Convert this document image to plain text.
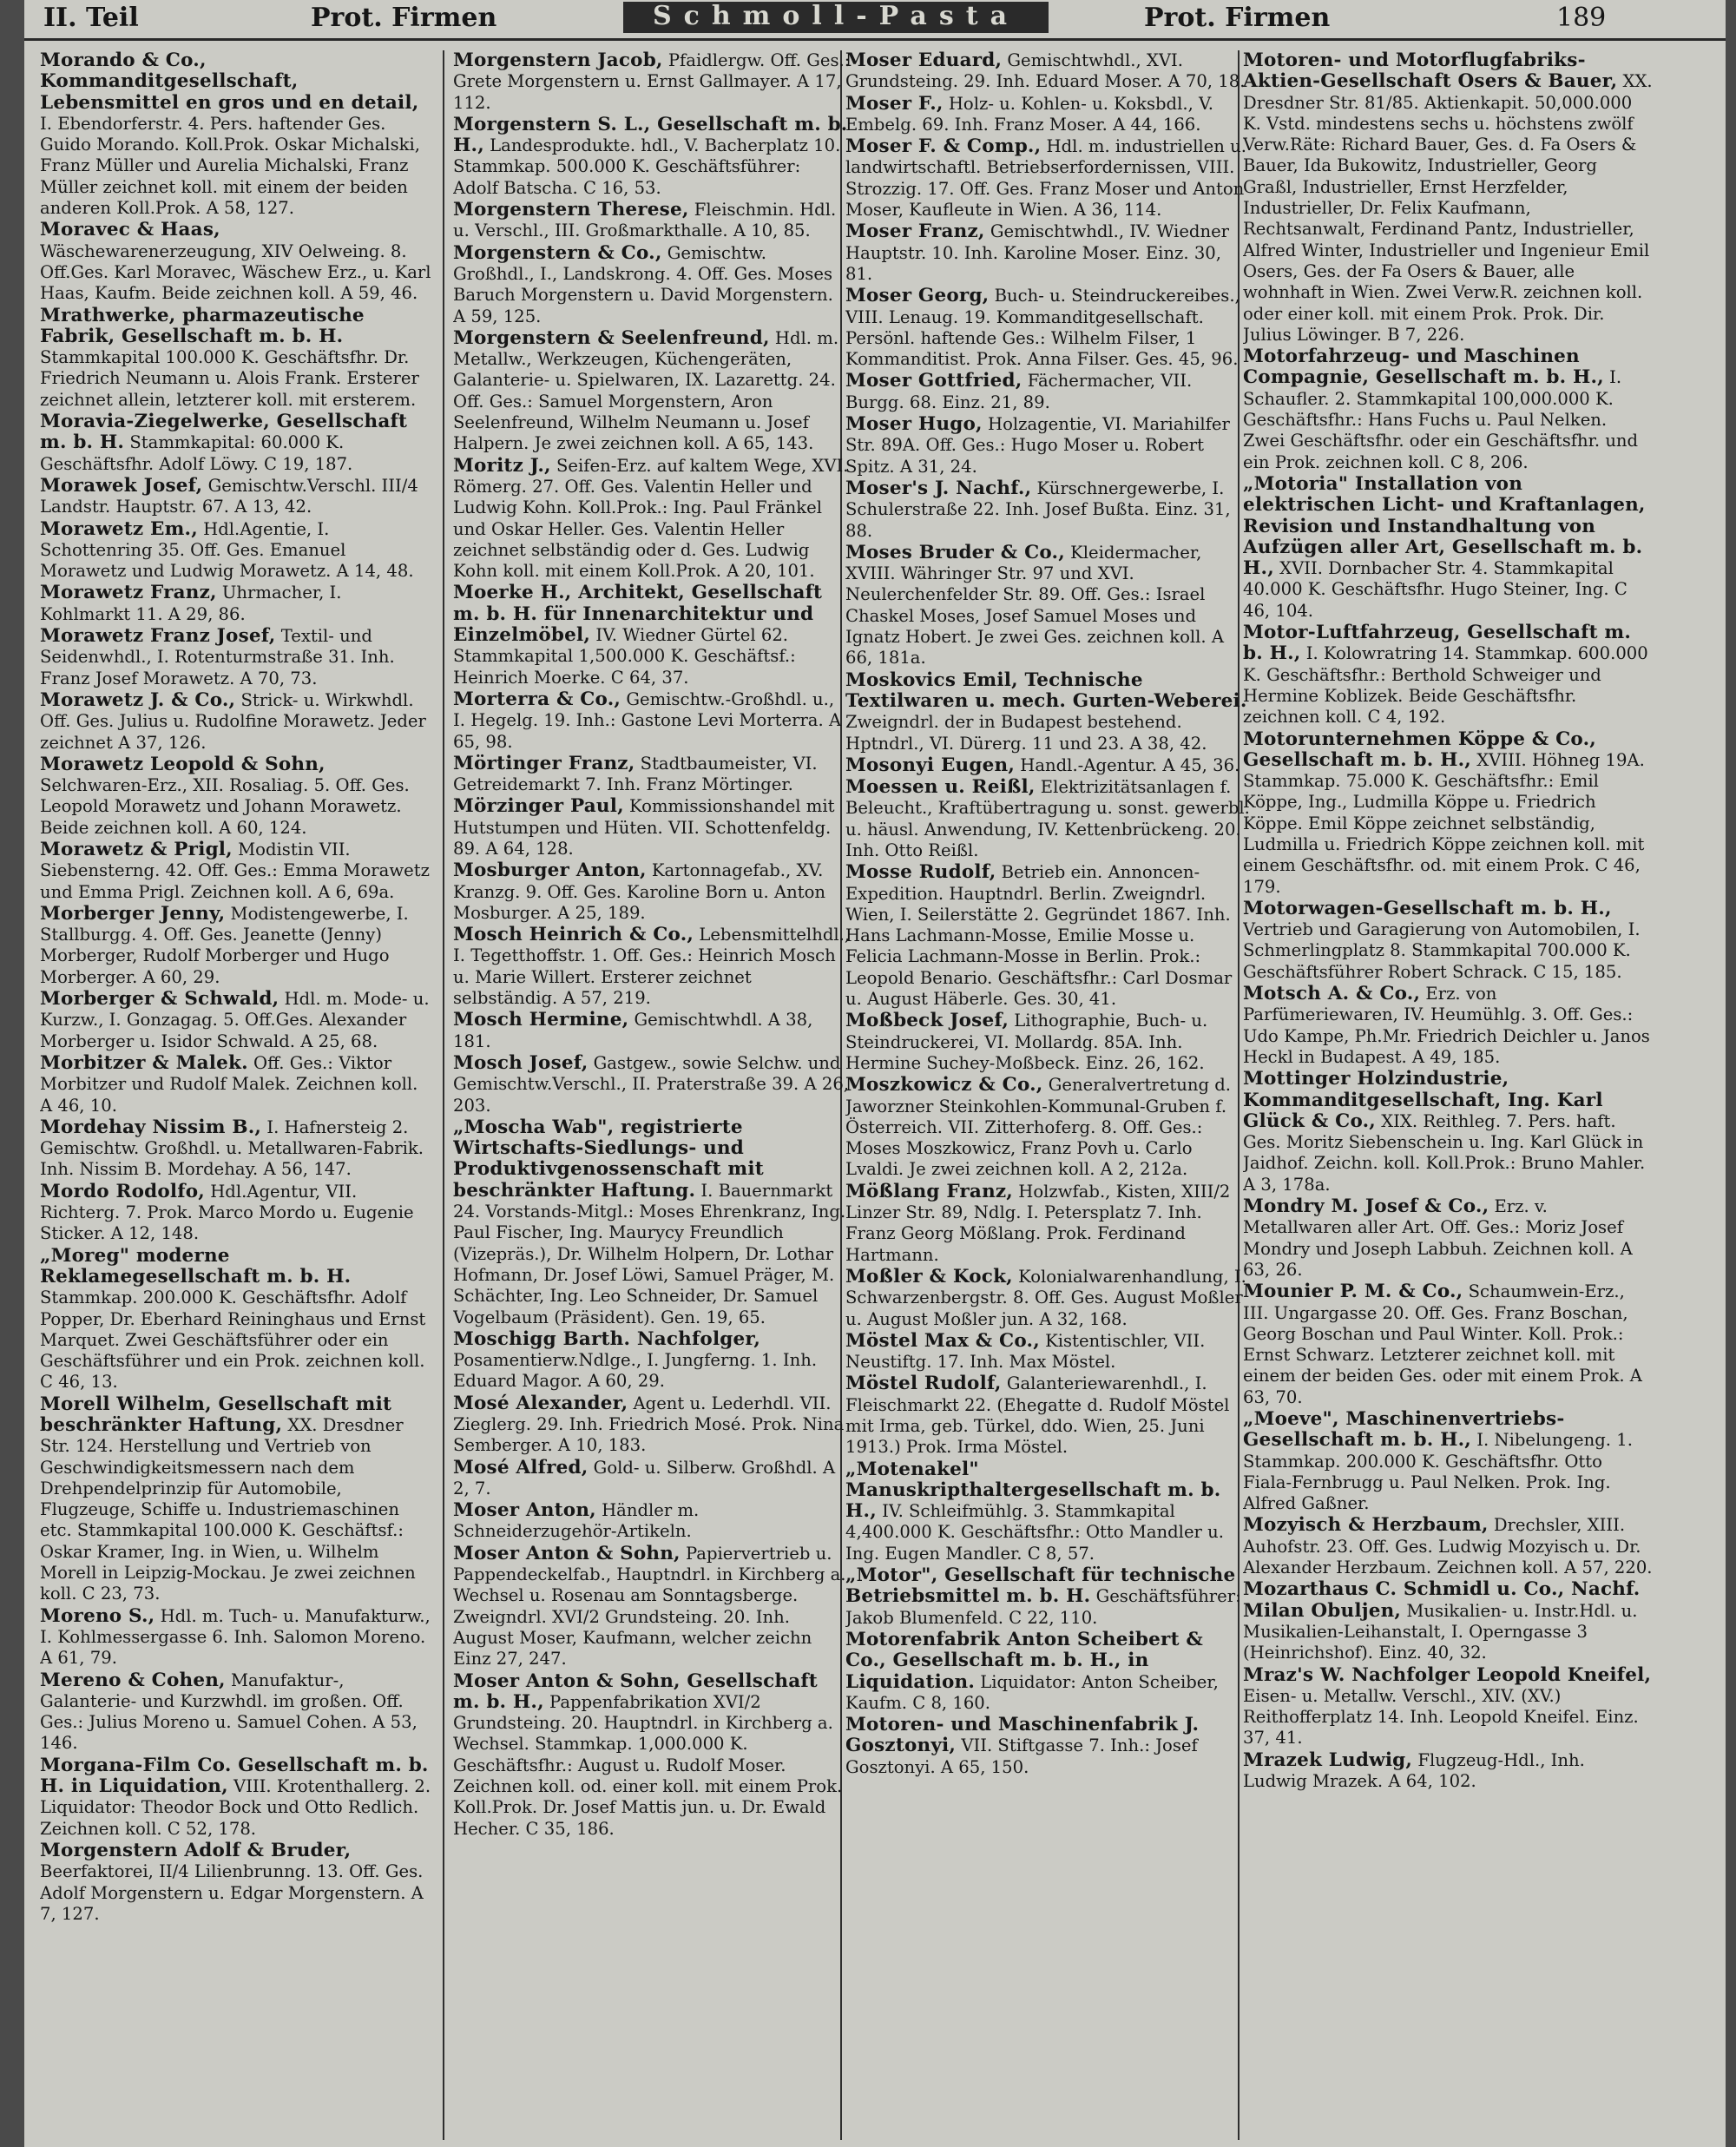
II. Teil	Prot. Firmen	Schmoll-Pasta	Prot. Firmen	189

Morando & Co., Kommanditgesellschaft, Lebensmittel en gros und en detail, I. Ebendorferstr. 4. Pers. haftender Ges. Guido Morando. Koll.Prok. Oskar Michalski, Franz Müller und Aurelia Michalski, Franz Müller zeichnet koll. mit einem der beiden anderen Koll.Prok. A 58, 127.

Moravec & Haas, Wäschewarenerzeugung, XIV Oelweing. 8. Off.Ges. Karl Moravec, Wäschew Erz., u. Karl Haas, Kaufm. Beide zeichnen koll. A 59, 46.

Mrathwerke, pharmazeutische Fabrik, Gesellschaft m. b. H. Stammkapital 100.000 K. Geschäftsfhr. Dr. Friedrich Neumann u. Alois Frank. Ersterer zeichnet allein, letzterer koll. mit ersterem.

Moravia-Ziegelwerke, Gesellschaft m. b. H. Stammkapital: 60.000 K. Geschäftsfhr. Adolf Löwy. C 19, 187.

Morawek Josef, Gemischtw.Verschl. III/4 Landstr. Hauptstr. 67. A 13, 42.

Morawetz Em., Hdl.Agentie, I. Schottenring 35. Off. Ges. Emanuel Morawetz und Ludwig Morawetz. A 14, 48.

Morawetz Franz, Uhrmacher, I. Kohlmarkt 11. A 29, 86.

Morawetz Franz Josef, Textil- und Seidenwhdl., I. Rotenturmstraße 31. Inh. Franz Josef Morawetz. A 70, 73.

Morawetz J. & Co., Strick- u. Wirkwhdl. Off. Ges. Julius u. Rudolfine Morawetz. Jeder zeichnet A 37, 126.

Morawetz Leopold & Sohn, Selchwaren-Erz., XII. Rosaliag. 5. Off. Ges. Leopold Morawetz und Johann Morawetz. Beide zeichnen koll. A 60, 124.

Morawetz & Prigl, Modistin VII. Siebensterng. 42. Off. Ges.: Emma Morawetz und Emma Prigl. Zeichnen koll. A 6, 69a.

Morberger Jenny, Modistengewerbe, I. Stallburgg. 4. Off. Ges. Jeanette (Jenny) Morberger, Rudolf Morberger und Hugo Morberger. A 60, 29.

Morberger & Schwald, Hdl. m. Mode- u. Kurzw., I. Gonzagag. 5. Off.Ges. Alexander Morberger u. Isidor Schwald. A 25, 68.

Morbitzer & Malek. Off. Ges.: Viktor Morbitzer und Rudolf Malek. Zeichnen koll. A 46, 10.

Mordehay Nissim B., I. Hafnersteig 2. Gemischtw. Großhdl. u. Metallwaren-Fabrik. Inh. Nissim B. Mordehay. A 56, 147.

Mordo Rodolfo, Hdl.Agentur, VII. Richterg. 7. Prok. Marco Mordo u. Eugenie Sticker. A 12, 148.

„Moreg" moderne Reklamegesellschaft m. b. H. Stammkap. 200.000 K. Geschäftsfhr. Adolf Popper, Dr. Eberhard Reininghaus und Ernst Marquet. Zwei Geschäftsführer oder ein Geschäftsführer und ein Prok. zeichnen koll. C 46, 13.

Morell Wilhelm, Gesellschaft mit beschränkter Haftung, XX. Dresdner Str. 124. Herstellung und Vertrieb von Geschwindigkeitsmessern nach dem Drehpendelprinzip für Automobile, Flugzeuge, Schiffe u. Industriemaschinen etc. Stammkapital 100.000 K. Geschäftsf.: Oskar Kramer, Ing. in Wien, u. Wilhelm Morell in Leipzig-Mockau. Je zwei zeichnen koll. C 23, 73.

Moreno S., Hdl. m. Tuch- u. Manufakturw., I. Kohlmessergasse 6. Inh. Salomon Moreno. A 61, 79.

Mereno & Cohen, Manufaktur-, Galanterie- und Kurzwhdl. im großen. Off. Ges.: Julius Moreno u. Samuel Cohen. A 53, 146.

Morgana-Film Co. Gesellschaft m. b. H. in Liquidation, VIII. Krotenthallerg. 2. Liquidator: Theodor Bock und Otto Redlich. Zeichnen koll. C 52, 178.

Morgenstern Adolf & Bruder, Beerfaktorei, II/4 Lilienbrunng. 13. Off. Ges. Adolf Morgenstern u. Edgar Morgenstern. A 7, 127.

Morgenstern Jacob, Pfaidlergw. Off. Ges.: Grete Morgenstern u. Ernst Gallmayer. A 17, 112.

Morgenstern S. L., Gesellschaft m. b. H., Landesprodukte. hdl., V. Bacherplatz 10. Stammkap. 500.000 K. Geschäftsführer: Adolf Batscha. C 16, 53.

Morgenstern Therese, Fleischmin. Hdl. u. Verschl., III. Großmarkthalle. A 10, 85.

Morgenstern & Co., Gemischtw. Großhdl., I., Landskrong. 4. Off. Ges. Moses Baruch Morgenstern u. David Morgenstern. A 59, 125.

Morgenstern & Seelenfreund, Hdl. m. Metallw., Werkzeugen, Küchengeräten, Galanterie- u. Spielwaren, IX. Lazarettg. 24. Off. Ges.: Samuel Morgenstern, Aron Seelenfreund, Wilhelm Neumann u. Josef Halpern. Je zwei zeichnen koll. A 65, 143.

Moritz J., Seifen-Erz. auf kaltem Wege, XVI. Römerg. 27. Off. Ges. Valentin Heller und Ludwig Kohn. Koll.Prok.: Ing. Paul Fränkel und Oskar Heller. Ges. Valentin Heller zeichnet selbständig oder d. Ges. Ludwig Kohn koll. mit einem Koll.Prok. A 20, 101.

Moerke H., Architekt, Gesellschaft m. b. H. für Innenarchitektur und Einzelmöbel, IV. Wiedner Gürtel 62. Stammkapital 1,500.000 K. Geschäftsf.: Heinrich Moerke. C 64, 37.

Morterra & Co., Gemischtw.-Großhdl. u., I. Hegelg. 19. Inh.: Gastone Levi Morterra. A 65, 98.

Mörtinger Franz, Stadtbaumeister, VI. Getreidemarkt 7. Inh. Franz Mörtinger.

Mörzinger Paul, Kommissionshandel mit Hutstumpen und Hüten. VII. Schottenfeldg. 89. A 64, 128.

Mosburger Anton, Kartonnagefab., XV. Kranzg. 9. Off. Ges. Karoline Born u. Anton Mosburger. A 25, 189.

Mosch Heinrich & Co., Lebensmittelhdl., I. Tegetthoffstr. 1. Off. Ges.: Heinrich Mosch u. Marie Willert. Ersterer zeichnet selbständig. A 57, 219.

Mosch Hermine, Gemischtwhdl. A 38, 181.

Mosch Josef, Gastgew., sowie Selchw. und Gemischtw.Verschl., II. Praterstraße 39. A 26, 203.

„Moscha Wab", registrierte Wirtschafts-Siedlungs- und Produktivgenossenschaft mit beschränkter Haftung. I. Bauernmarkt 24. Vorstands-Mitgl.: Moses Ehrenkranz, Ing. Paul Fischer, Ing. Maurycy Freundlich (Vizepräs.), Dr. Wilhelm Holpern, Dr. Lothar Hofmann, Dr. Josef Löwi, Samuel Präger, M. Schächter, Ing. Leo Schneider, Dr. Samuel Vogelbaum (Präsident). Gen. 19, 65.

Moschigg Barth. Nachfolger, Posamentierw.Ndlge., I. Jungferng. 1. Inh. Eduard Magor. A 60, 29.

Mosé Alexander, Agent u. Lederhdl. VII. Zieglerg. 29. Inh. Friedrich Mosé. Prok. Nina Semberger. A 10, 183.

Mosé Alfred, Gold- u. Silberw. Großhdl. A 2, 7.

Moser Anton, Händler m. Schneiderzugehör-Artikeln.

Moser Anton & Sohn, Papiervertrieb u. Pappendeckelfab., Hauptndrl. in Kirchberg a. Wechsel u. Rosenau am Sonntagsberge. Zweigndrl. XVI/2 Grundsteing. 20. Inh. August Moser, Kaufmann, welcher zeichn Einz 27, 247.

Moser Anton & Sohn, Gesellschaft m. b. H., Pappenfabrikation XVI/2 Grundsteing. 20. Hauptndrl. in Kirchberg a. Wechsel. Stammkap. 1,000.000 K. Geschäftsfhr.: August u. Rudolf Moser. Zeichnen koll. od. einer koll. mit einem Prok. Koll.Prok. Dr. Josef Mattis jun. u. Dr. Ewald Hecher. C 35, 186.

Moser Eduard, Gemischtwhdl., XVI. Grundsteing. 29. Inh. Eduard Moser. A 70, 18.

Moser F., Holz- u. Kohlen- u. Koksbdl., V. Embelg. 69. Inh. Franz Moser. A 44, 166.

Moser F. & Comp., Hdl. m. industriellen u. landwirtschaftl. Betriebserfordernissen, VIII. Strozzig. 17. Off. Ges. Franz Moser und Anton Moser, Kaufleute in Wien. A 36, 114.

Moser Franz, Gemischtwhdl., IV. Wiedner Hauptstr. 10. Inh. Karoline Moser. Einz. 30, 81.

Moser Georg, Buch- u. Steindruckereibes., VIII. Lenaug. 19. Kommanditgesellschaft. Persönl. haftende Ges.: Wilhelm Filser, 1 Kommanditist. Prok. Anna Filser. Ges. 45, 96.

Moser Gottfried, Fächermacher, VII. Burgg. 68. Einz. 21, 89.

Moser Hugo, Holzagentie, VI. Mariahilfer Str. 89A. Off. Ges.: Hugo Moser u. Robert Spitz. A 31, 24.

Moser's J. Nachf., Kürschnergewerbe, I. Schulerstraße 22. Inh. Josef Bußta. Einz. 31, 88.

Moses Bruder & Co., Kleidermacher, XVIII. Währinger Str. 97 und XVI. Neulerchenfelder Str. 89. Off. Ges.: Israel Chaskel Moses, Josef Samuel Moses und Ignatz Hobert. Je zwei Ges. zeichnen koll. A 66, 181a.

Moskovics Emil, Technische Textilwaren u. mech. Gurten-Weberei. Zweigndrl. der in Budapest bestehend. Hptndrl., VI. Dürerg. 11 und 23. A 38, 42.

Mosonyi Eugen, Handl.-Agentur. A 45, 36.

Moessen u. Reißl, Elektrizitätsanlagen f. Beleucht., Kraftübertragung u. sonst. gewerbl. u. häusl. Anwendung, IV. Kettenbrückeng. 20. Inh. Otto Reißl.

Mosse Rudolf, Betrieb ein. Annoncen-Expedition. Hauptndrl. Berlin. Zweigndrl. Wien, I. Seilerstätte 2. Gegründet 1867. Inh. Hans Lachmann-Mosse, Emilie Mosse u. Felicia Lachmann-Mosse in Berlin. Prok.: Leopold Benario. Geschäftsfhr.: Carl Dosmar u. August Häberle. Ges. 30, 41.

Moßbeck Josef, Lithographie, Buch- u. Steindruckerei, VI. Mollardg. 85A. Inh. Hermine Suchey-Moßbeck. Einz. 26, 162.

Moszkowicz & Co., Generalvertretung d. Jaworzner Steinkohlen-Kommunal-Gruben f. Österreich. VII. Zitterhoferg. 8. Off. Ges.: Moses Moszkowicz, Franz Povh u. Carlo Lvaldi. Je zwei zeichnen koll. A 2, 212a.

Mößlang Franz, Holzwfab., Kisten, XIII/2 Linzer Str. 89, Ndlg. I. Petersplatz 7. Inh. Franz Georg Mößlang. Prok. Ferdinand Hartmann.

Moßler & Kock, Kolonialwarenhandlung, I. Schwarzenbergstr. 8. Off. Ges. August Moßler u. August Moßler jun. A 32, 168.

Möstel Max & Co., Kistentischler, VII. Neustiftg. 17. Inh. Max Möstel.

Möstel Rudolf, Galanteriewarenhdl., I. Fleischmarkt 22. (Ehegatte d. Rudolf Möstel mit Irma, geb. Türkel, ddo. Wien, 25. Juni 1913.) Prok. Irma Möstel.

„Motenakel" Manuskripthaltergesellschaft m. b. H., IV. Schleifmühlg. 3. Stammkapital 4,400.000 K. Geschäftsfhr.: Otto Mandler u. Ing. Eugen Mandler. C 8, 57.

„Motor", Gesellschaft für technische Betriebsmittel m. b. H. Geschäftsführer: Jakob Blumenfeld. C 22, 110.

Motorenfabrik Anton Scheibert & Co., Gesellschaft m. b. H., in Liquidation. Liquidator: Anton Scheiber, Kaufm. C 8, 160.

Motoren- und Maschinenfabrik J. Gosztonyi, VII. Stiftgasse 7. Inh.: Josef Gosztonyi. A 65, 150.

Motoren- und Motorflugfabriks-Aktien-Gesellschaft Osers & Bauer, XX. Dresdner Str. 81/85. Aktienkapit. 50,000.000 K. Vstd. mindestens sechs u. höchstens zwölf Verw.Räte: Richard Bauer, Ges. d. Fa Osers & Bauer, Ida Bukowitz, Industrieller, Georg Graßl, Industrieller, Ernst Herzfelder, Industrieller, Dr. Felix Kaufmann, Rechtsanwalt, Ferdinand Pantz, Industrieller, Alfred Winter, Industrieller und Ingenieur Emil Osers, Ges. der Fa Osers & Bauer, alle wohnhaft in Wien. Zwei Verw.R. zeichnen koll. oder einer koll. mit einem Prok. Prok. Dir. Julius Löwinger. B 7, 226.

Motorfahrzeug- und Maschinen Compagnie, Gesellschaft m. b. H., I. Schaufler. 2. Stammkapital 100,000.000 K. Geschäftsfhr.: Hans Fuchs u. Paul Nelken. Zwei Geschäftsfhr. oder ein Geschäftsfhr. und ein Prok. zeichnen koll. C 8, 206.

„Motoria" Installation von elektrischen Licht- und Kraftanlagen, Revision und Instandhaltung von Aufzügen aller Art, Gesellschaft m. b. H., XVII. Dornbacher Str. 4. Stammkapital 40.000 K. Geschäftsfhr. Hugo Steiner, Ing. C 46, 104.

Motor-Luftfahrzeug, Gesellschaft m. b. H., I. Kolowratring 14. Stammkap. 600.000 K. Geschäftsfhr.: Berthold Schweiger und Hermine Koblizek. Beide Geschäftsfhr. zeichnen koll. C 4, 192.

Motorunternehmen Köppe & Co., Gesellschaft m. b. H., XVIII. Höhneg 19A. Stammkap. 75.000 K. Geschäftsfhr.: Emil Köppe, Ing., Ludmilla Köppe u. Friedrich Köppe. Emil Köppe zeichnet selbständig, Ludmilla u. Friedrich Köppe zeichnen koll. mit einem Geschäftsfhr. od. mit einem Prok. C 46, 179.

Motorwagen-Gesellschaft m. b. H., Vertrieb und Garagierung von Automobilen, I. Schmerlingplatz 8. Stammkapital 700.000 K. Geschäftsführer Robert Schrack. C 15, 185.

Motsch A. & Co., Erz. von Parfümeriewaren, IV. Heumühlg. 3. Off. Ges.: Udo Kampe, Ph.Mr. Friedrich Deichler u. Janos Heckl in Budapest. A 49, 185.

Mottinger Holzindustrie, Kommanditgesellschaft, Ing. Karl Glück & Co., XIX. Reithleg. 7. Pers. haft. Ges. Moritz Siebenschein u. Ing. Karl Glück in Jaidhof. Zeichn. koll. Koll.Prok.: Bruno Mahler. A 3, 178a.

Mondry M. Josef & Co., Erz. v. Metallwaren aller Art. Off. Ges.: Moriz Josef Mondry und Joseph Labbuh. Zeichnen koll. A 63, 26.

Mounier P. M. & Co., Schaumwein-Erz., III. Ungargasse 20. Off. Ges. Franz Boschan, Georg Boschan und Paul Winter. Koll. Prok.: Ernst Schwarz. Letzterer zeichnet koll. mit einem der beiden Ges. oder mit einem Prok. A 63, 70.

„Moeve", Maschinenvertriebs-Gesellschaft m. b. H., I. Nibelungeng. 1. Stammkap. 200.000 K. Geschäftsfhr. Otto Fiala-Fernbrugg u. Paul Nelken. Prok. Ing. Alfred Gaßner.

Mozyisch & Herzbaum, Drechsler, XIII. Auhofstr. 23. Off. Ges. Ludwig Mozyisch u. Dr. Alexander Herzbaum. Zeichnen koll. A 57, 220.

Mozarthaus C. Schmidl u. Co., Nachf. Milan Obuljen, Musikalien- u. Instr.Hdl. u. Musikalien-Leihanstalt, I. Operngasse 3 (Heinrichshof). Einz. 40, 32.

Mraz's W. Nachfolger Leopold Kneifel, Eisen- u. Metallw. Verschl., XIV. (XV.) Reithofferplatz 14. Inh. Leopold Kneifel. Einz. 37, 41.

Mrazek Ludwig, Flugzeug-Hdl., Inh. Ludwig Mrazek. A 64, 102.
